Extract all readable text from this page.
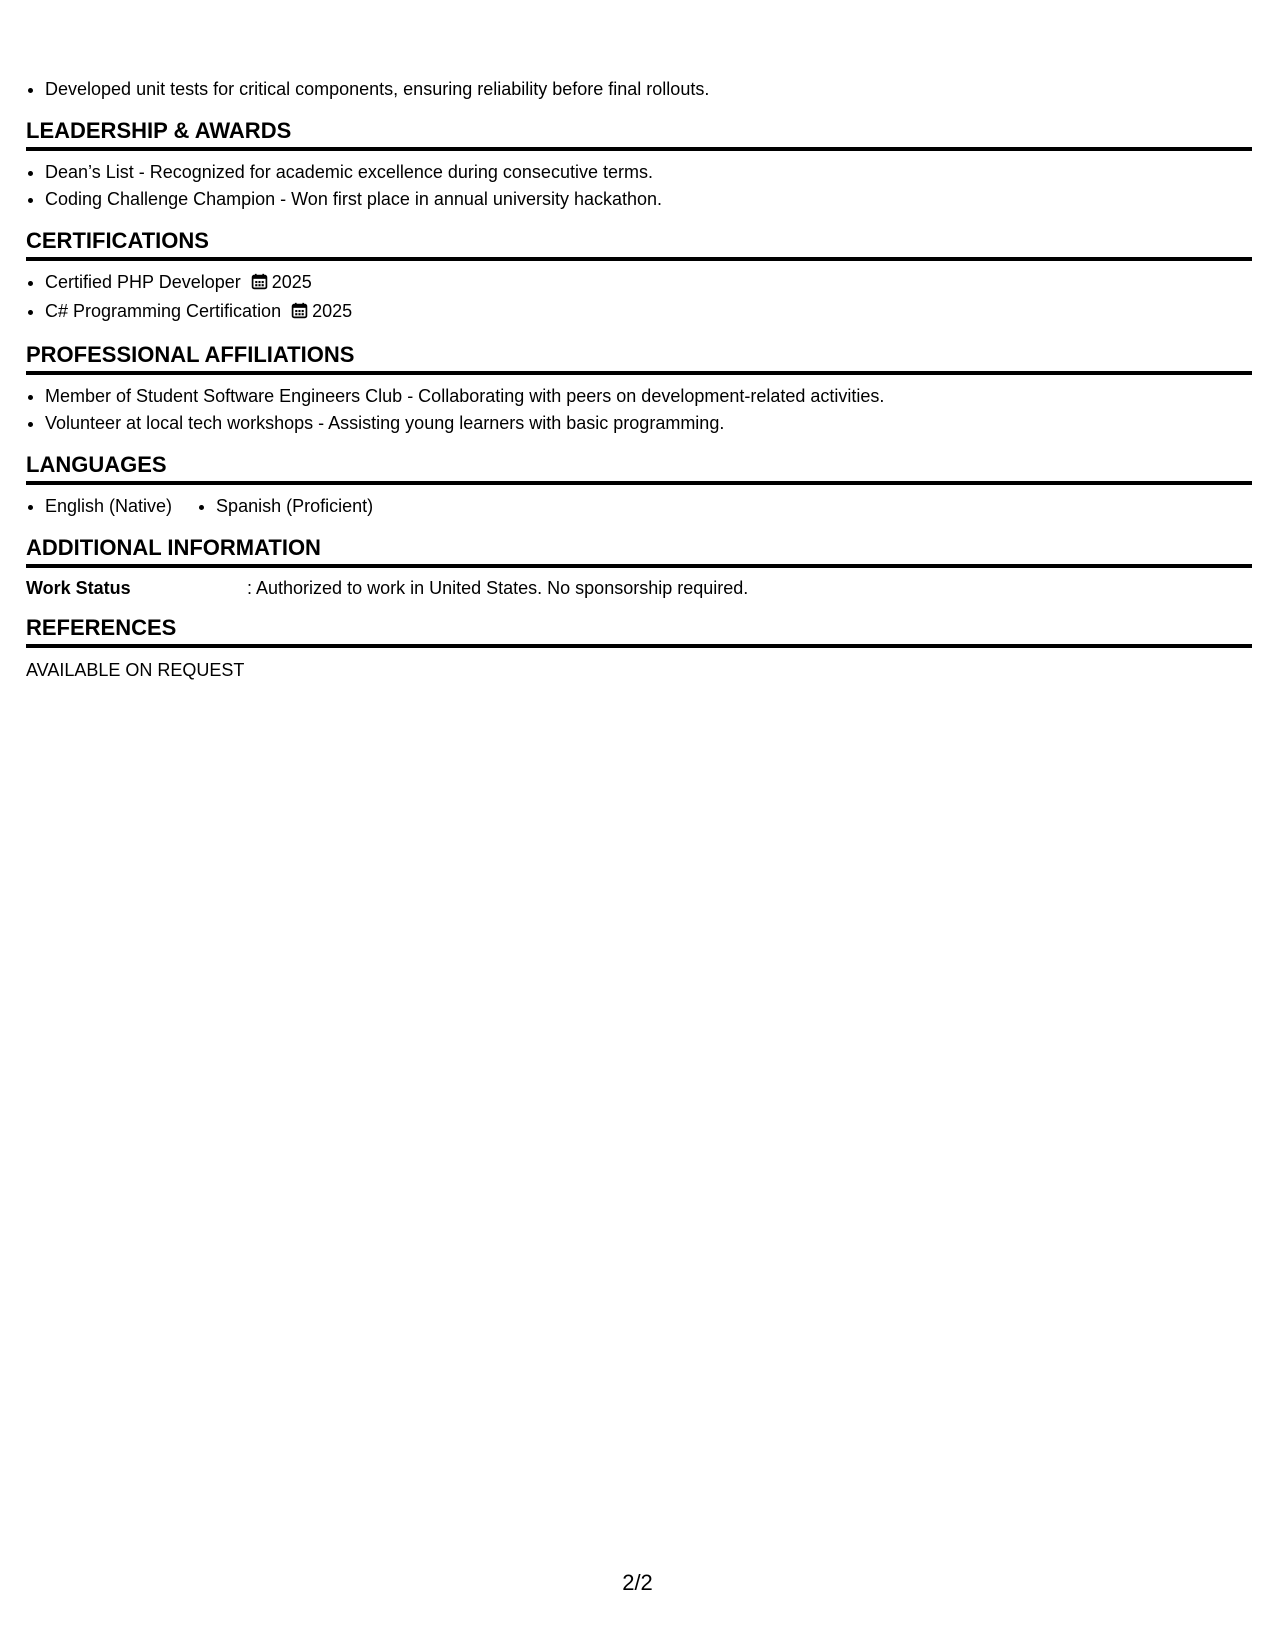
• Developed unit tests for critical components, ensuring reliability before final rollouts.
LEADERSHIP & AWARDS
• Dean’s List - Recognized for academic excellence during consecutive terms.
• Coding Challenge Champion - Won first place in annual university hackathon.
CERTIFICATIONS
• Certified PHP Developer 2025
• C# Programming Certification 2025
PROFESSIONAL AFFILIATIONS
• Member of Student Software Engineers Club - Collaborating with peers on development-related activities.
• Volunteer at local tech workshops - Assisting young learners with basic programming.
LANGUAGES
• English (Native)
• Spanish (Proficient)
ADDITIONAL INFORMATION
Work Status	: Authorized to work in United States. No sponsorship required.
REFERENCES
AVAILABLE ON REQUEST
2/2
